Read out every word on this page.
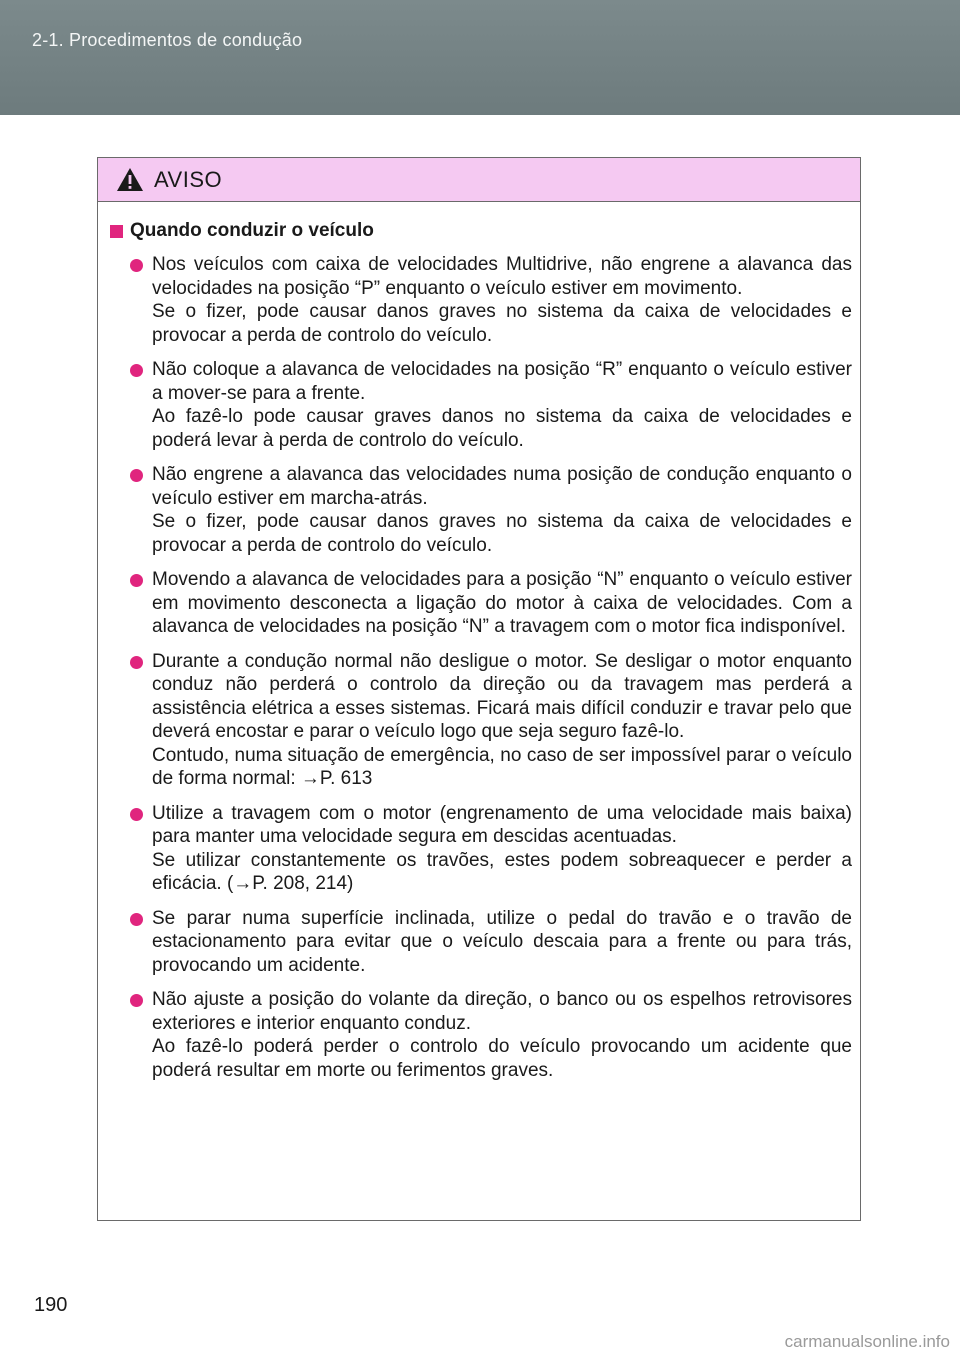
2-1. Procedimentos de condução
AVISO
Quando conduzir o veículo

Nos veículos com caixa de velocidades Multidrive, não engrene a alavanca das velocidades na posição “P” enquanto o veículo estiver em movimento.

Se o fizer, pode causar danos graves no sistema da caixa de velocidades e provocar a perda de controlo do veículo.

Não coloque a alavanca de velocidades na posição “R” enquanto o veículo estiver a mover-se para a frente.

Ao fazê-lo pode causar graves danos no sistema da caixa de velocidades e poderá levar à perda de controlo do veículo.

Não engrene a alavanca das velocidades numa posição de condução enquanto o veículo estiver em marcha-atrás.

Se o fizer, pode causar danos graves no sistema da caixa de velocidades e provocar a perda de controlo do veículo.

Movendo a alavanca de velocidades para a posição “N” enquanto o veículo estiver em movimento desconecta a ligação do motor à caixa de velocidades. Com a alavanca de velocidades na posição “N” a travagem com o motor fica indisponível.

Durante a condução normal não desligue o motor. Se desligar o motor enquanto conduz não perderá o controlo da direção ou da travagem mas perderá a assistência elétrica a esses sistemas. Ficará mais difícil conduzir e travar pelo que deverá encostar e parar o veículo logo que seja seguro fazê-lo.

Contudo, numa situação de emergência, no caso de ser impossível parar o veículo de forma normal: →P. 613

Utilize a travagem com o motor (engrenamento de uma velocidade mais baixa) para manter uma velocidade segura em descidas acentuadas.

Se utilizar constantemente os travões, estes podem sobreaquecer e perder a eficácia. (→P. 208, 214)

Se parar numa superfície inclinada, utilize o pedal do travão e o travão de estacionamento para evitar que o veículo descaia para a frente ou para trás, provocando um acidente.

Não ajuste a posição do volante da direção, o banco ou os espelhos retrovisores exteriores e interior enquanto conduz.

Ao fazê-lo poderá perder o controlo do veículo provocando um acidente que poderá resultar em morte ou ferimentos graves.

190
carmanualsonline.info
